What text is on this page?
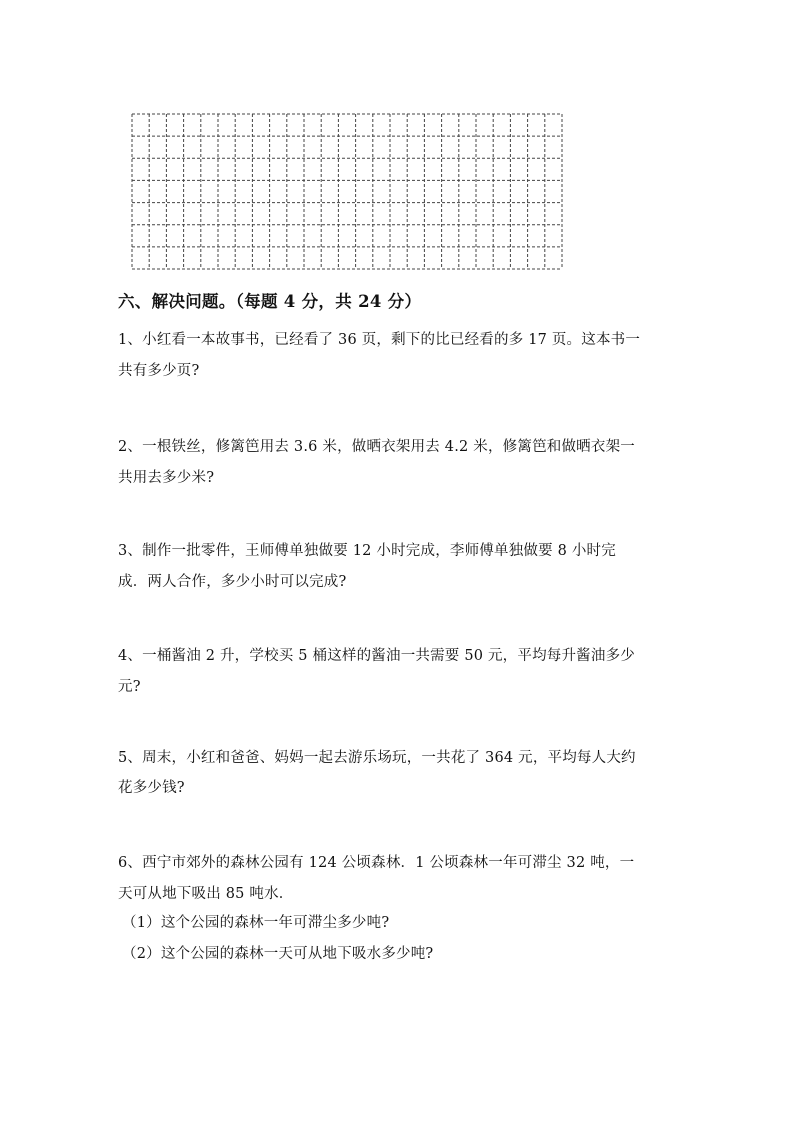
六、解决问题。（每题 4 分，共 24 分）
1、小红看一本故事书，已经看了 36 页，剩下的比已经看的多 17 页。这本书一
共有多少页?
2、一根铁丝，修篱笆用去 3.6 米，做晒衣架用去 4.2 米，修篱笆和做晒衣架一
共用去多少米?
3、制作一批零件，王师傅单独做要 12 小时完成，李师傅单独做要 8 小时完
成．两人合作，多少小时可以完成?
4、一桶酱油 2 升，学校买 5 桶这样的酱油一共需要 50 元，平均每升酱油多少
元?
5、周末，小红和爸爸、妈妈一起去游乐场玩，一共花了 364 元，平均每人大约
花多少钱?
6、西宁市郊外的森林公园有 124 公顷森林．1 公顷森林一年可滞尘 32 吨，一
天可从地下吸出 85 吨水．
（1）这个公园的森林一年可滞尘多少吨?
（2）这个公园的森林一天可从地下吸水多少吨?
